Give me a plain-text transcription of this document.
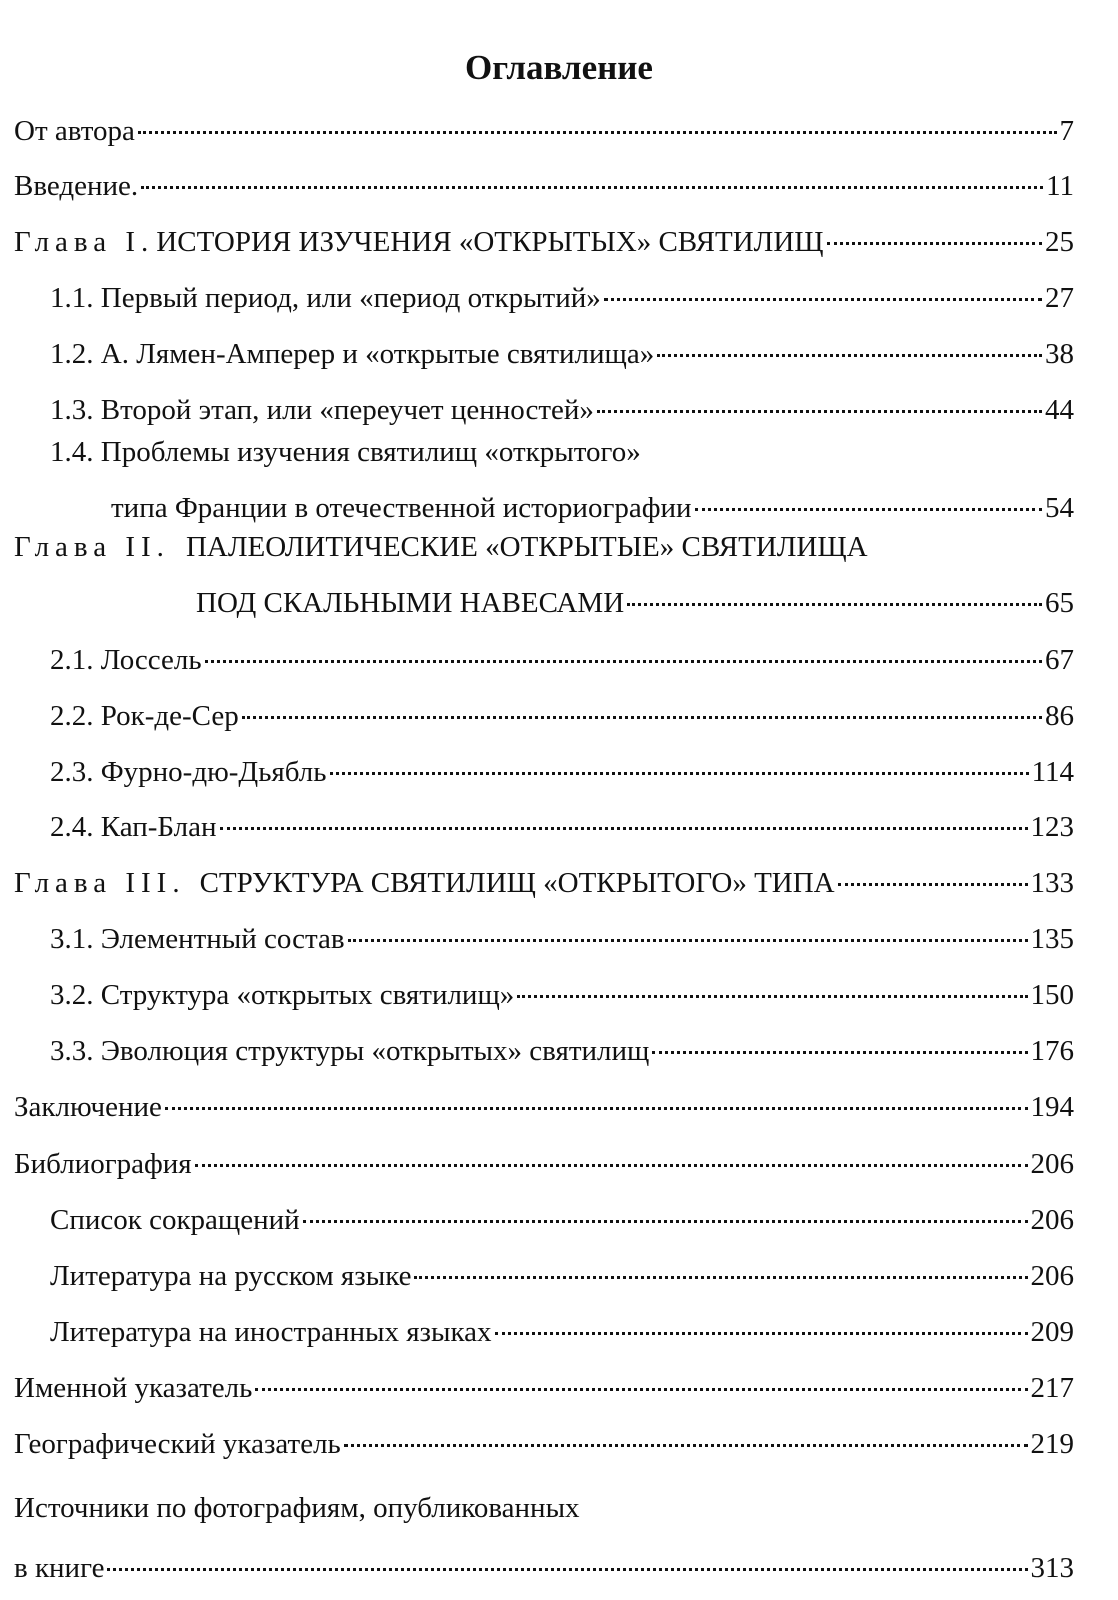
Оглавление
От автора	7
Введение.	11
Глава I. ИСТОРИЯ ИЗУЧЕНИЯ «ОТКРЫТЫХ» СВЯТИЛИЩ	25
1.1. Первый период, или «период открытий»	27
1.2. А. Лямен-Амперер и «открытые святилища»	38
1.3. Второй этап, или «переучет ценностей»	44
1.4. Проблемы изучения святилищ «открытого»
типа Франции в отечественной историографии	54
Глава II. ПАЛЕОЛИТИЧЕСКИЕ «ОТКРЫТЫЕ» СВЯТИЛИЩА
ПОД СКАЛЬНЫМИ НАВЕСАМИ	65
2.1. Лоссель	67
2.2. Рок-де-Сер	86
2.3. Фурно-дю-Дьябль	114
2.4. Кап-Блан	123
Глава III. СТРУКТУРА СВЯТИЛИЩ «ОТКРЫТОГО» ТИПА	133
3.1. Элементный состав	135
3.2. Структура «открытых святилищ»	150
3.3. Эволюция структуры «открытых» святилищ	176
Заключение	194
Библиография	206
Список сокращений	206
Литература на русском языке	206
Литература на иностранных языках	209
Именной указатель	217
Географический указатель	219
Источники по фотографиям, опубликованных
в книге	313
